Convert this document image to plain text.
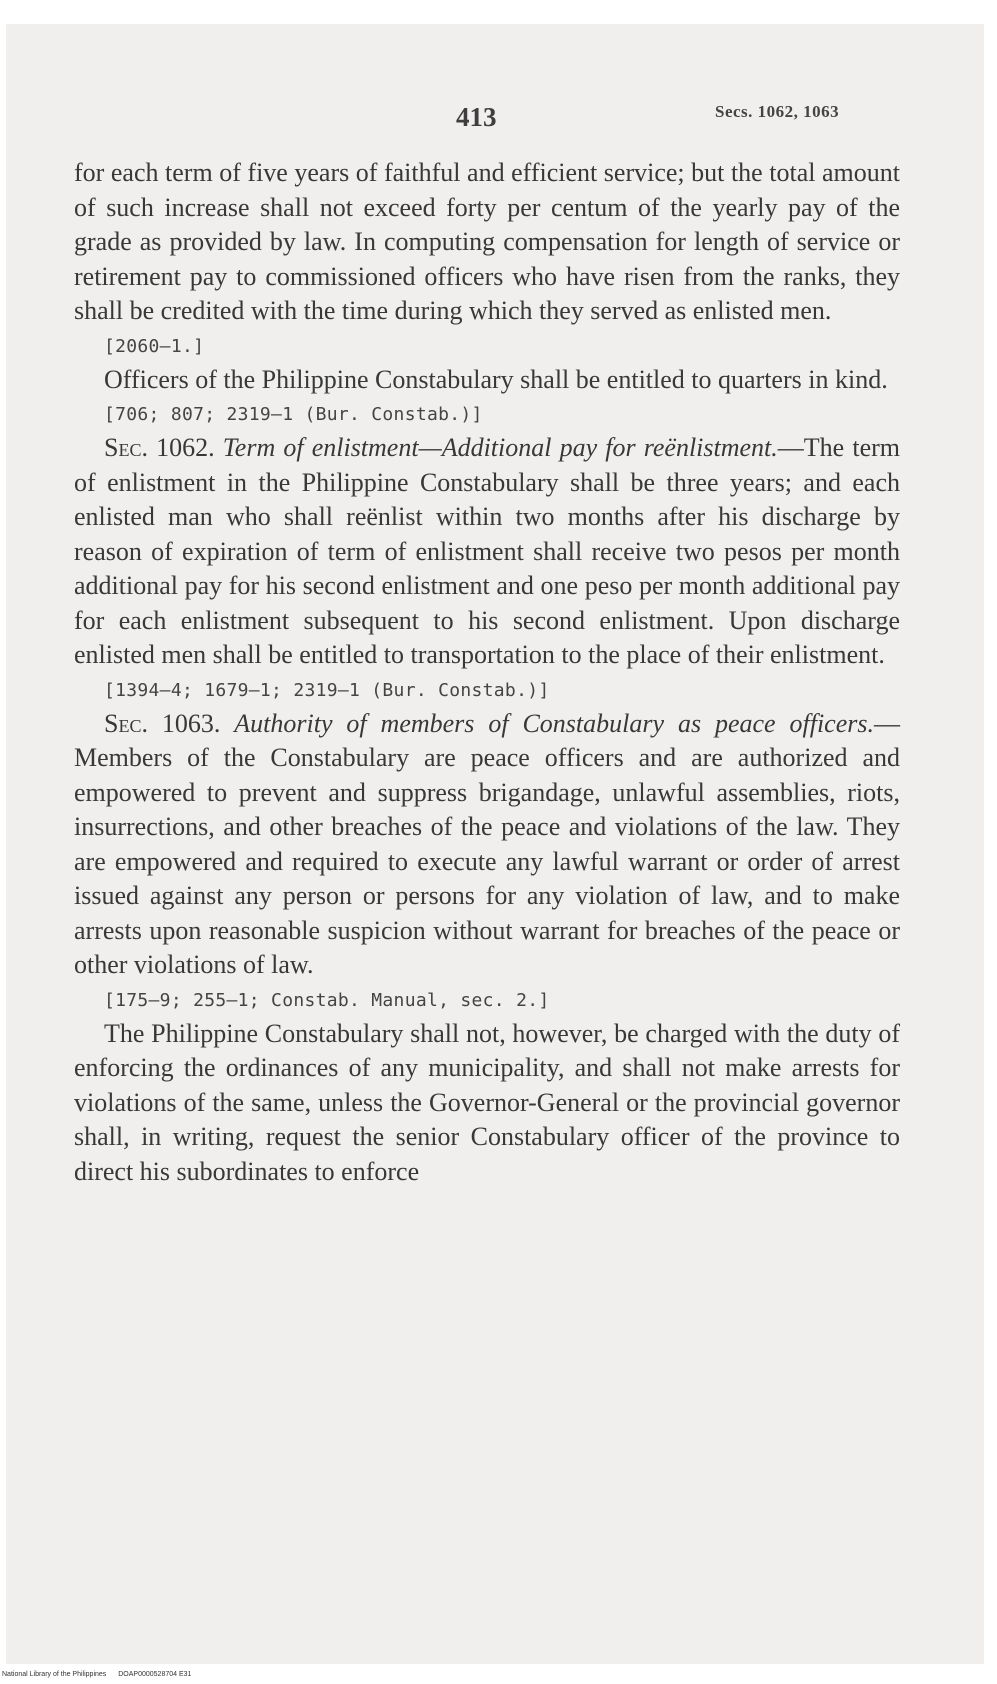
413	Secs. 1062, 1063

for each term of five years of faithful and efficient service; but the total amount of such increase shall not exceed forty per centum of the yearly pay of the grade as provided by law. In computing compensation for length of service or retirement pay to commissioned officers who have risen from the ranks, they shall be credited with the time during which they served as enlisted men.

[2060—1.]

Officers of the Philippine Constabulary shall be entitled to quarters in kind.

[706; 807; 2319—1 (Bur. Constab.)]

Sec. 1062. Term of enlistment—Additional pay for reënlistment.—The term of enlistment in the Philippine Constabulary shall be three years; and each enlisted man who shall reënlist within two months after his discharge by reason of expiration of term of enlistment shall receive two pesos per month additional pay for his second enlistment and one peso per month additional pay for each enlistment subsequent to his second enlistment. Upon discharge enlisted men shall be entitled to transportation to the place of their enlistment.

[1394—4; 1679—1; 2319—1 (Bur. Constab.)]

Sec. 1063. Authority of members of Constabulary as peace officers.—Members of the Constabulary are peace officers and are authorized and empowered to prevent and suppress brigandage, unlawful assemblies, riots, insurrections, and other breaches of the peace and violations of the law. They are empowered and required to execute any lawful warrant or order of arrest issued against any person or persons for any violation of law, and to make arrests upon reasonable suspicion without warrant for breaches of the peace or other violations of law.

[175—9; 255—1; Constab. Manual, sec. 2.]

The Philippine Constabulary shall not, however, be charged with the duty of enforcing the ordinances of any municipality, and shall not make arrests for violations of the same, unless the Governor-General or the provincial governor shall, in writing, request the senior Constabulary officer of the province to direct his subordinates to enforce

National Library of the Philippines DOAP0000528704 E31
